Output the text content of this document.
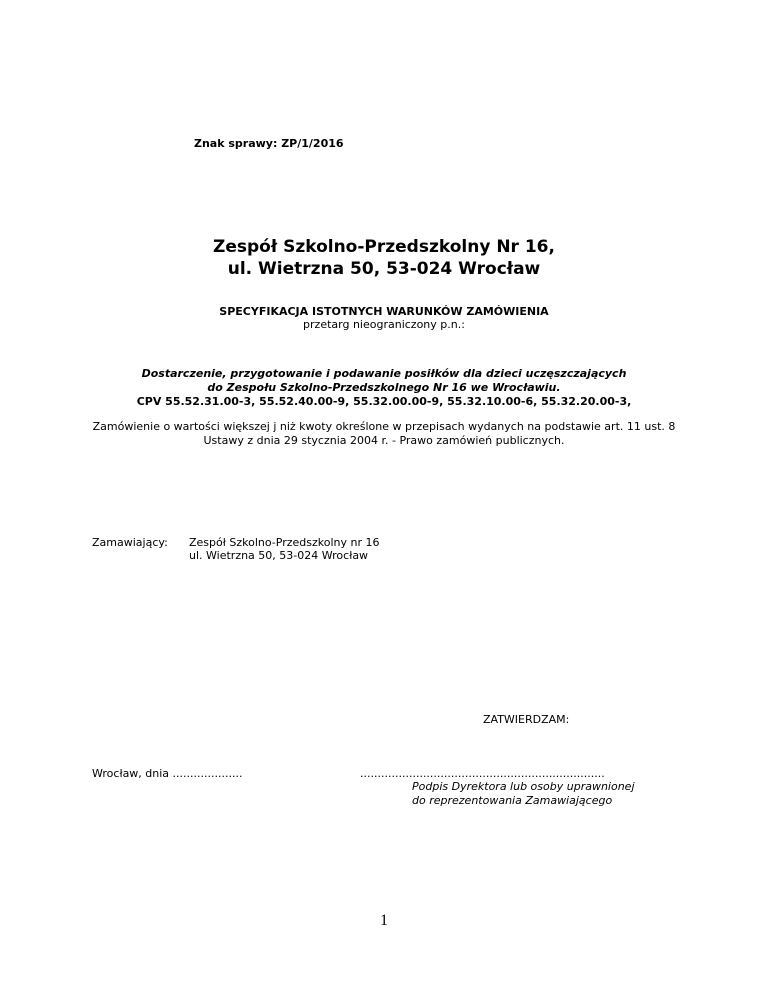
Znak sprawy: ZP/1/2016
Zespół Szkolno-Przedszkolny Nr 16,
ul. Wietrzna 50, 53-024 Wrocław
SPECYFIKACJA ISTOTNYCH WARUNKÓW ZAMÓWIENIA
przetarg nieograniczony p.n.:
Dostarczenie, przygotowanie i podawanie posiłków dla dzieci uczęszczających
do Zespołu Szkolno-Przedszkolnego Nr 16 we Wrocławiu.
CPV 55.52.31.00-3, 55.52.40.00-9, 55.32.00.00-9, 55.32.10.00-6, 55.32.20.00-3,
Zamówienie o wartości większej j niż kwoty określone w przepisach wydanych na podstawie art. 11 ust. 8
Ustawy z dnia 29 stycznia 2004 r. - Prawo zamówień publicznych.
Zamawiający: Zespół Szkolno-Przedszkolny nr 16
ul. Wietrzna 50, 53-024 Wrocław
ZATWIERDZAM:
Wrocław, dnia ....................	......................................................................
Podpis Dyrektora lub osoby uprawnionej
do reprezentowania Zamawiającego
1
